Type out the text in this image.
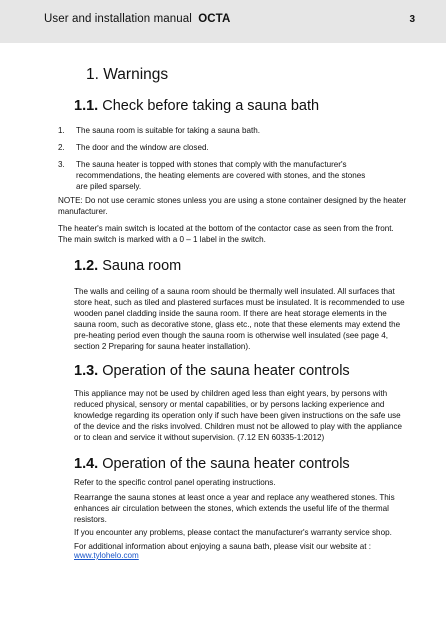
User and installation manual OCTA	3
1. Warnings
1.1. Check before taking a sauna bath
1. The sauna room is suitable for taking a sauna bath.
2. The door and the window are closed.
3. The sauna heater is topped with stones that comply with the manufacturer's
recommendations, the heating elements are covered with stones, and the stones
are piled sparsely.
NOTE: Do not use ceramic stones unless you are using a stone container designed by the heater
manufacturer.
The heater's main switch is located at the bottom of the contactor case as seen from the front.
The main switch is marked with a 0 – 1 label in the switch.
1.2. Sauna room
The walls and ceiling of a sauna room should be thermally well insulated. All surfaces that
store heat, such as tiled and plastered surfaces must be insulated. It is recommended to use
wooden panel cladding inside the sauna room. If there are heat storage elements in the
sauna room, such as decorative stone, glass etc., note that these elements may extend the
pre-heating period even though the sauna room is otherwise well insulated (see page 4,
section 2 Preparing for sauna heater installation).
1.3. Operation of the sauna heater controls
This appliance may not be used by children aged less than eight years, by persons with
reduced physical, sensory or mental capabilities, or by persons lacking experience and
knowledge regarding its operation only if such have been given instructions on the safe use
of the device and the risks involved. Children must not be allowed to play with the appliance
or to clean and service it without supervision. (7.12 EN 60335-1:2012)
1.4. Operation of the sauna heater controls
Refer to the specific control panel operating instructions.
Rearrange the sauna stones at least once a year and replace any weathered stones. This
enhances air circulation between the stones, which extends the useful life of the thermal
resistors.
If you encounter any problems, please contact the manufacturer's warranty service shop.
For additional information about enjoying a sauna bath, please visit our website at :
www.tylohelo.com
